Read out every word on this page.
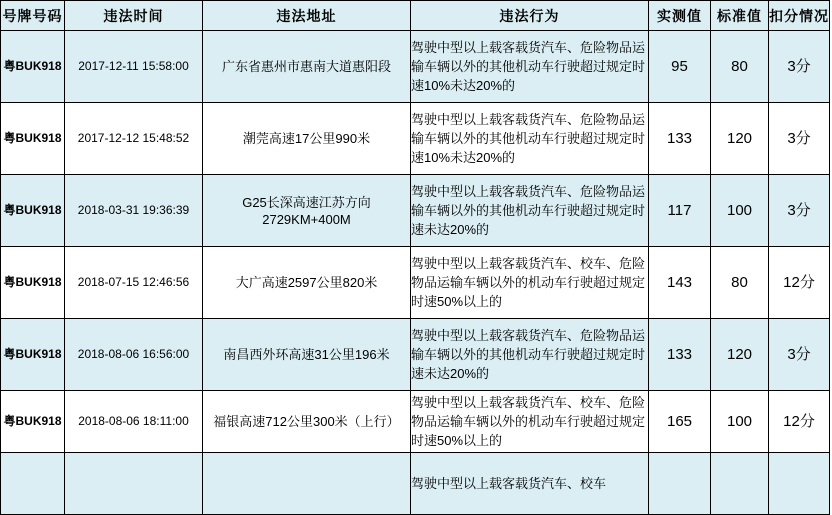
号牌号码	违法时间	违法地址	违法行为	实测值	标准值	扣分情况
粤BUK918	2017-12-11 15:58:00	广东省惠州市惠南大道惠阳段	驾驶中型以上载客载货汽车、危险物品运输车辆以外的其他机动车行驶超过规定时速10%未达20%的	95	80	3分
粤BUK918	2017-12-12 15:48:52	潮莞高速17公里990米	驾驶中型以上载客载货汽车、危险物品运输车辆以外的其他机动车行驶超过规定时速10%未达20%的	133	120	3分
粤BUK918	2018-03-31 19:36:39	G25长深高速江苏方向2729KM+400M	驾驶中型以上载客载货汽车、危险物品运输车辆以外的其他机动车行驶超过规定时速未达20%的	117	100	3分
粤BUK918	2018-07-15 12:46:56	大广高速2597公里820米	驾驶中型以上载客载货汽车、校车、危险物品运输车辆以外的机动车行驶超过规定时速50%以上的	143	80	12分
粤BUK918	2018-08-06 16:56:00	南昌西外环高速31公里196米	驾驶中型以上载客载货汽车、危险物品运输车辆以外的其他机动车行驶超过规定时速未达20%的	133	120	3分
粤BUK918	2018-08-06 18:11:00	福银高速712公里300米（上行）	驾驶中型以上载客载货汽车、校车、危险物品运输车辆以外的机动车行驶超过规定时速50%以上的	165	100	12分
			驾驶中型以上载客载货汽车、校车			
